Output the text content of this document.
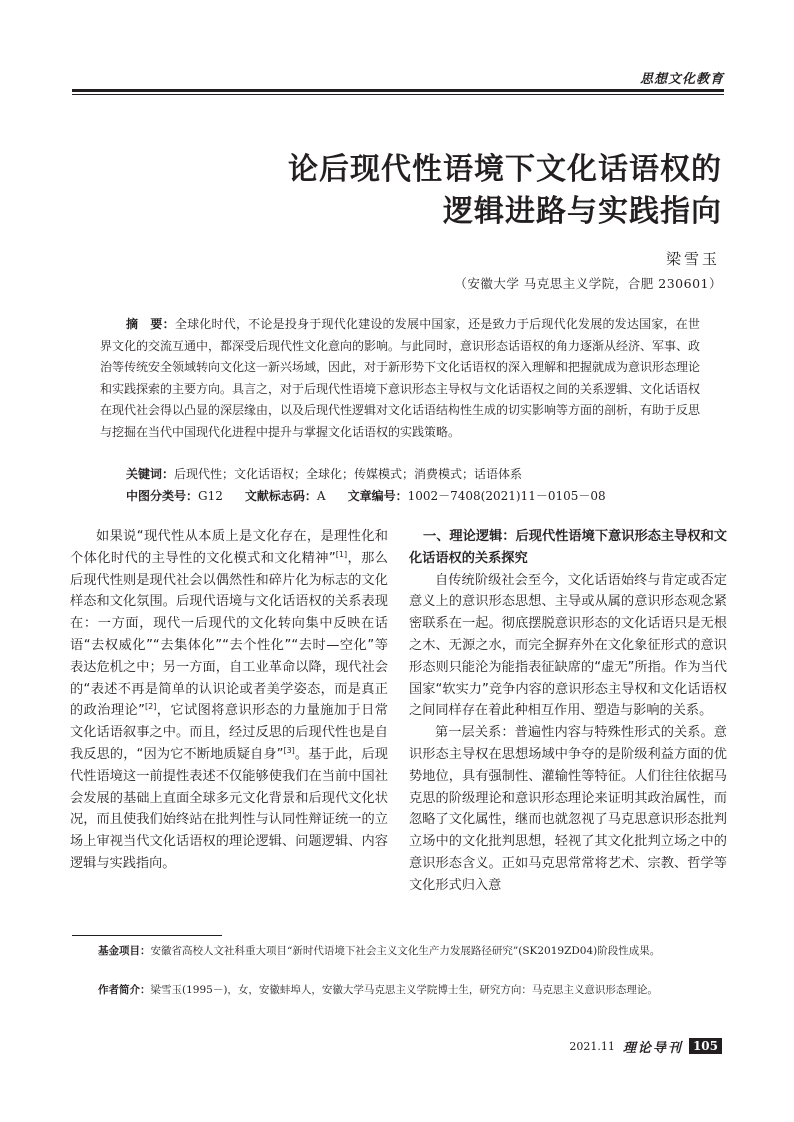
思想文化教育
论后现代性语境下文化话语权的
逻辑进路与实践指向
梁雪玉
（安徽大学 马克思主义学院，合肥 230601）
摘　要：全球化时代，不论是投身于现代化建设的发展中国家，还是致力于后现代化发展的发达国家，在世界文化的交流互通中，都深受后现代性文化意向的影响。与此同时，意识形态话语权的角力逐渐从经济、军事、政治等传统安全领域转向文化这一新兴场域，因此，对于新形势下文化话语权的深入理解和把握就成为意识形态理论和实践探索的主要方向。具言之，对于后现代性语境下意识形态主导权与文化话语权之间的关系逻辑、文化话语权在现代社会得以凸显的深层缘由，以及后现代性逻辑对文化话语结构性生成的切实影响等方面的剖析，有助于反思与挖掘在当代中国现代化进程中提升与掌握文化话语权的实践策略。
关键词：后现代性；文化话语权；全球化；传媒模式；消费模式；话语体系
中图分类号：G12 文献标志码：A 文章编号：1002－7408(2021)11－0105－08

如果说“现代性从本质上是文化存在，是理性化和个体化时代的主导性的文化模式和文化精神”[1]，那么后现代性则是现代社会以偶然性和碎片化为标志的文化样态和文化氛围。后现代语境与文化话语权的关系表现在：一方面，现代一后现代的文化转向集中反映在话语“去权威化”“去集体化”“去个性化”“去时—空化”等表达危机之中；另一方面，自工业革命以降，现代社会的“表述不再是简单的认识论或者美学姿态，而是真正的政治理论”[2]，它试图将意识形态的力量施加于日常文化话语叙事之中。而且，经过反思的后现代性也是自我反思的，“因为它不断地质疑自身”[3]。基于此，后现代性语境这一前提性表述不仅能够使我们在当前中国社会发展的基础上直面全球多元文化背景和后现代文化状况，而且使我们始终站在批判性与认同性辩证统一的立场上审视当代文化话语权的理论逻辑、问题逻辑、内容逻辑与实践指向。

一、理论逻辑：后现代性语境下意识形态主导权和文化话语权的关系探究

自传统阶级社会至今，文化话语始终与肯定或否定意义上的意识形态思想、主导或从属的意识形态观念紧密联系在一起。彻底摆脱意识形态的文化话语只是无根之木、无源之水，而完全摒弃外在文化象征形式的意识形态则只能沦为能指表征缺席的“虚无”所指。作为当代国家“软实力”竞争内容的意识形态主导权和文化话语权之间同样存在着此种相互作用、塑造与影响的关系。

第一层关系：普遍性内容与特殊性形式的关系。意识形态主导权在思想场域中争夺的是阶级利益方面的优势地位，具有强制性、灌输性等特征。人们往往依据马克思的阶级理论和意识形态理论来证明其政治属性，而忽略了文化属性，继而也就忽视了马克思意识形态批判立场中的文化批判思想，轻视了其文化批判立场之中的意识形态含义。正如马克思常常将艺术、宗教、哲学等文化形式归入意

基金项目：安徽省高校人文社科重大项目“新时代语境下社会主义文化生产力发展路径研究”(SK2019ZD04)阶段性成果。
作者简介：梁雪玉(1995－)，女，安徽蚌埠人，安徽大学马克思主义学院博士生，研究方向：马克思主义意识形态理论。
2021.11 理论导刊 105
